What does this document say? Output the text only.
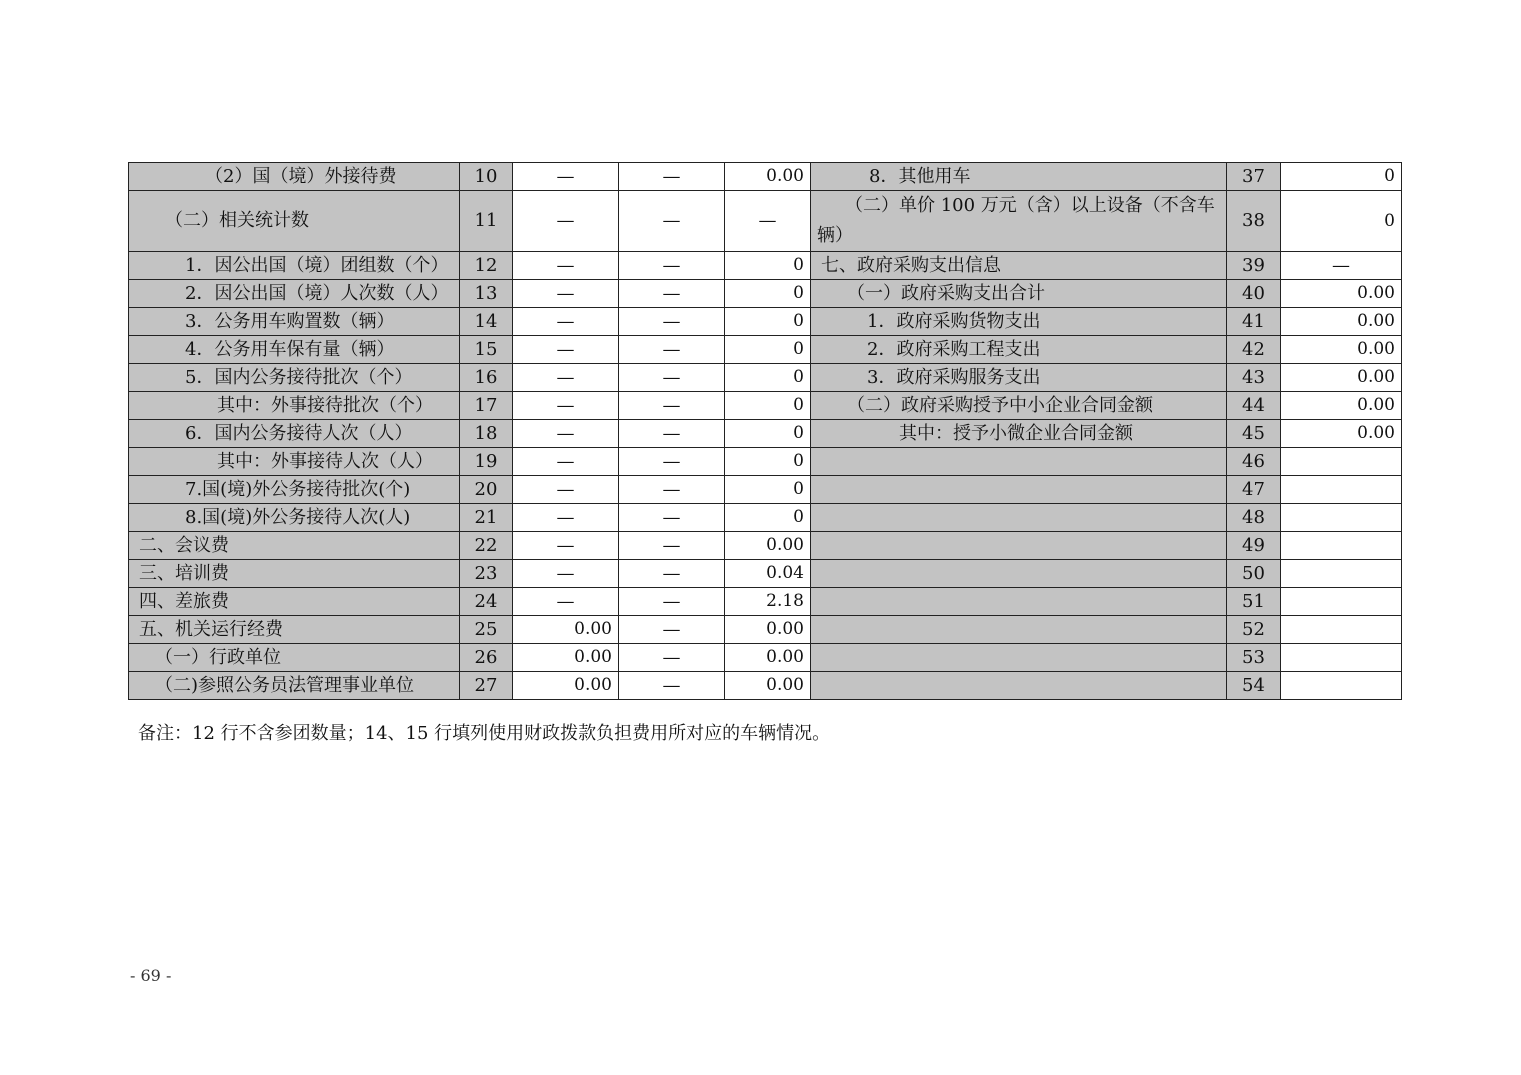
（2）国（境）外接待费	10	—	—	0.00	8．其他用车	37	0
（二）相关统计数	11	—	—	—	（二）单价 100 万元（含）以上设备（不含车辆）	38	0
1．因公出国（境）团组数（个）	12	—	—	0	七、政府采购支出信息	39	—
2．因公出国（境）人次数（人）	13	—	—	0	（一）政府采购支出合计	40	0.00
3．公务用车购置数（辆）	14	—	—	0	1．政府采购货物支出	41	0.00
4．公务用车保有量（辆）	15	—	—	0	2．政府采购工程支出	42	0.00
5．国内公务接待批次（个）	16	—	—	0	3．政府采购服务支出	43	0.00
其中：外事接待批次（个）	17	—	—	0	（二）政府采购授予中小企业合同金额	44	0.00
6．国内公务接待人次（人）	18	—	—	0	其中：授予小微企业合同金额	45	0.00
其中：外事接待人次（人）	19	—	—	0		46	
7.国(境)外公务接待批次(个)	20	—	—	0		47	
8.国(境)外公务接待人次(人)	21	—	—	0		48	
二、会议费	22	—	—	0.00		49	
三、培训费	23	—	—	0.04		50	
四、差旅费	24	—	—	2.18		51	
五、机关运行经费	25	0.00	—	0.00		52	
（一）行政单位	26	0.00	—	0.00		53	
（二)参照公务员法管理事业单位	27	0.00	—	0.00		54	
备注：12 行不含参团数量；14、15 行填列使用财政拨款负担费用所对应的车辆情况。
- 69 -
